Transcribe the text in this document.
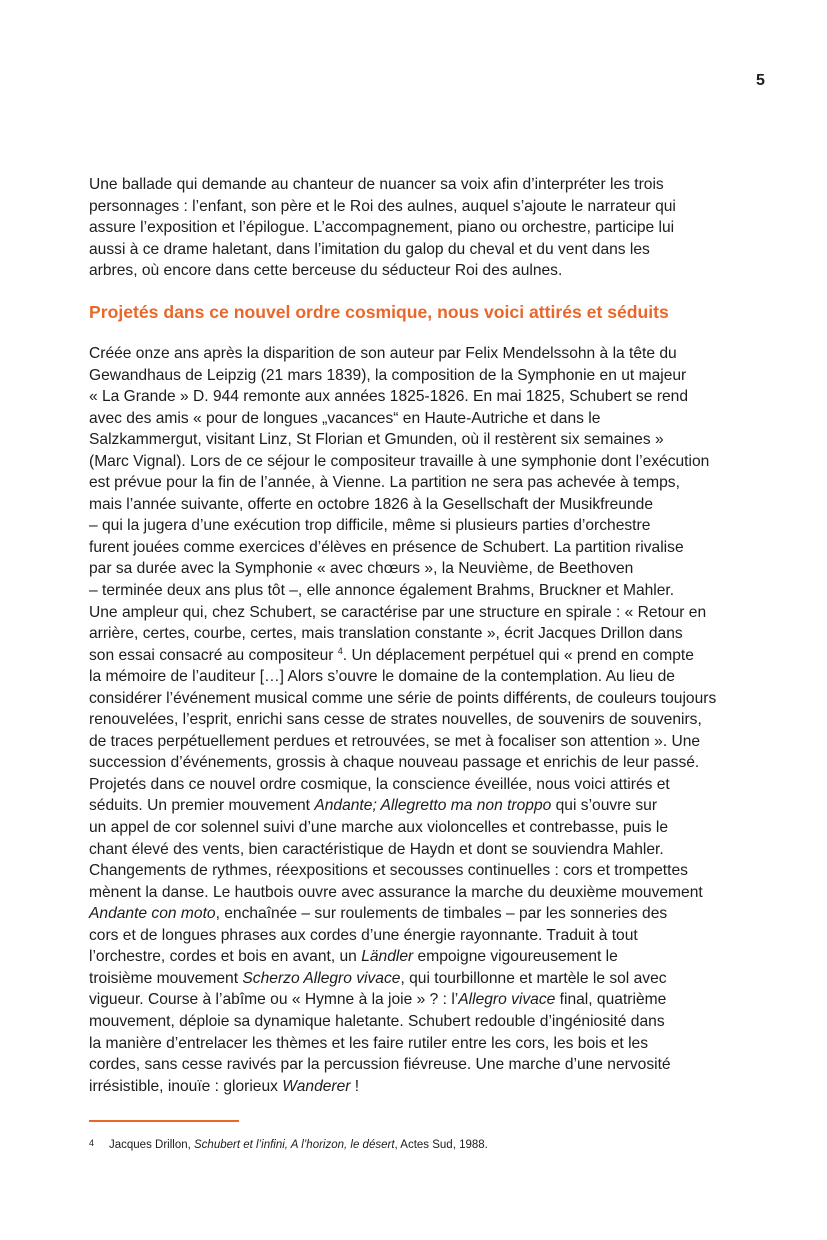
5

Une ballade qui demande au chanteur de nuancer sa voix afin d’interpréter les trois
personnages : l’enfant, son père et le Roi des aulnes, auquel s’ajoute le narrateur qui
assure l’exposition et l’épilogue. L’accompagnement, piano ou orchestre, participe lui
aussi à ce drame haletant, dans l’imitation du galop du cheval et du vent dans les
arbres, où encore dans cette berceuse du séducteur Roi des aulnes.

Projetés dans ce nouvel ordre cosmique, nous voici attirés et séduits

Créée onze ans après la disparition de son auteur par Felix Mendelssohn à la tête du
Gewandhaus de Leipzig (21 mars 1839), la composition de la Symphonie en ut majeur
« La Grande » D. 944 remonte aux années 1825-1826. En mai 1825, Schubert se rend
avec des amis « pour de longues „vacances“ en Haute-Autriche et dans le
Salzkammergut, visitant Linz, St Florian et Gmunden, où il restèrent six semaines »
(Marc Vignal). Lors de ce séjour le compositeur travaille à une symphonie dont l’exécution
est prévue pour la fin de l’année, à Vienne. La partition ne sera pas achevée à temps,
mais l’année suivante, offerte en octobre 1826 à la Gesellschaft der Musikfreunde
– qui la jugera d’une exécution trop difficile, même si plusieurs parties d’orchestre
furent jouées comme exercices d’élèves en présence de Schubert. La partition rivalise
par sa durée avec la Symphonie « avec chœurs », la Neuvième, de Beethoven
– terminée deux ans plus tôt –, elle annonce également Brahms, Bruckner et Mahler.
Une ampleur qui, chez Schubert, se caractérise par une structure en spirale : « Retour en
arrière, certes, courbe, certes, mais translation constante », écrit Jacques Drillon dans
son essai consacré au compositeur $^4$. Un déplacement perpétuel qui « prend en compte
la mémoire de l’auditeur […] Alors s’ouvre le domaine de la contemplation. Au lieu de
considérer l’événement musical comme une série de points différents, de couleurs toujours
renouvelées, l’esprit, enrichi sans cesse de strates nouvelles, de souvenirs de souvenirs,
de traces perpétuellement perdues et retrouvées, se met à focaliser son attention ». Une
succession d’événements, grossis à chaque nouveau passage et enrichis de leur passé.
Projetés dans ce nouvel ordre cosmique, la conscience éveillée, nous voici attirés et
séduits. Un premier mouvement Andante; Allegretto ma non troppo qui s’ouvre sur
un appel de cor solennel suivi d’une marche aux violoncelles et contrebasse, puis le
chant élevé des vents, bien caractéristique de Haydn et dont se souviendra Mahler.
Changements de rythmes, réexpositions et secousses continuelles : cors et trompettes
mènent la danse. Le hautbois ouvre avec assurance la marche du deuxième mouvement
Andante con moto, enchaînée – sur roulements de timbales – par les sonneries des
cors et de longues phrases aux cordes d’une énergie rayonnante. Traduit à tout
l’orchestre, cordes et bois en avant, un Ländler empoigne vigoureusement le
troisième mouvement Scherzo Allegro vivace, qui tourbillonne et martèle le sol avec
vigueur. Course à l’abîme ou « Hymne à la joie » ? : l’Allegro vivace final, quatrième
mouvement, déploie sa dynamique haletante. Schubert redouble d’ingéniosité dans
la manière d’entrelacer les thèmes et les faire rutiler entre les cors, les bois et les
cordes, sans cesse ravivés par la percussion fiévreuse. Une marche d’une nervosité
irrésistible, inouïe : glorieux Wanderer !

4 Jacques Drillon, Schubert et l’infini, A l’horizon, le désert, Actes Sud, 1988.
